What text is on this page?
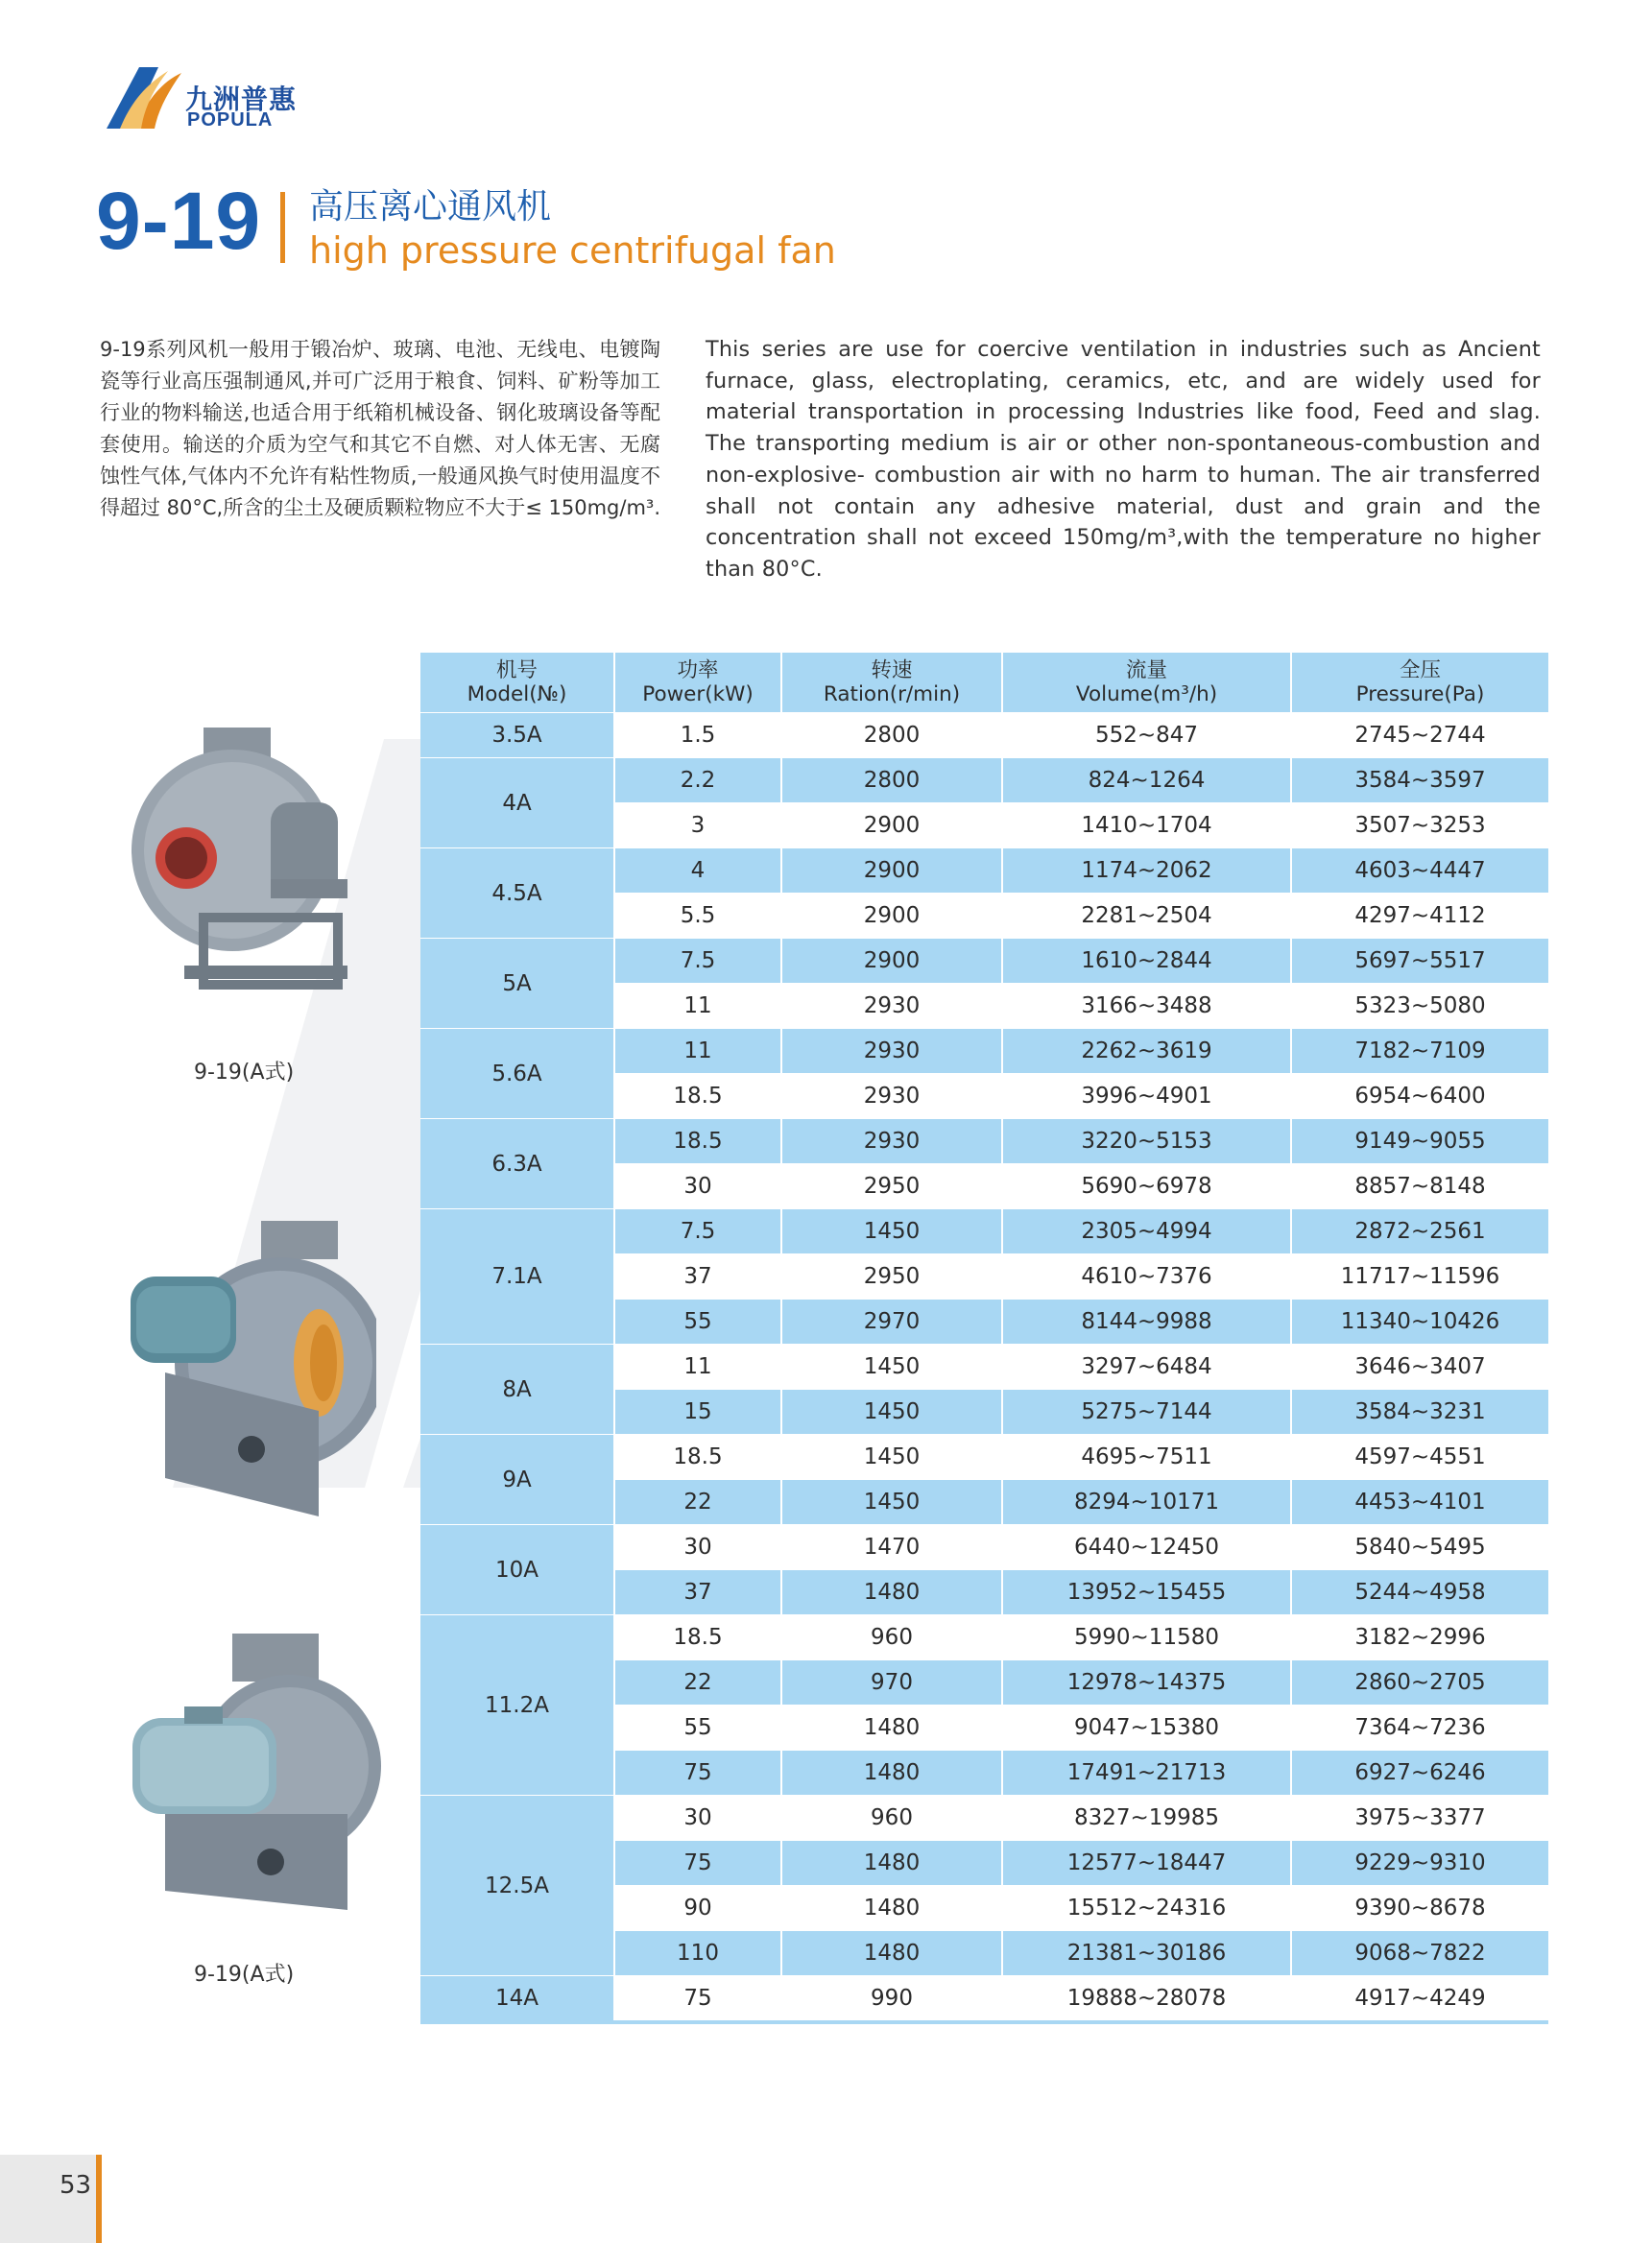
九洲普惠
POPULA
9-19 高压离心通风机
high pressure centrifugal fan
9-19系列风机一般用于锻冶炉、玻璃、电池、无线电、电镀陶瓷等行业高压强制通风,并可广泛用于粮食、饲料、矿粉等加工行业的物料输送,也适合用于纸箱机械设备、钢化玻璃设备等配套使用。输送的介质为空气和其它不自燃、对人体无害、无腐蚀性气体,气体内不允许有粘性物质,一般通风换气时使用温度不得超过 80°C,所含的尘土及硬质颗粒物应不大于≤ 150mg/m³.
This series are use for coercive ventilation in industries such as Ancient furnace, glass, electroplating, ceramics, etc, and are widely used for material transportation in processing Industries like food, Feed and slag. The transporting medium is air or other non-spontaneous-combustion and non-explosive- combustion air with no harm to human. The air transferred shall not contain any adhesive material, dust and grain and the concentration shall not exceed 150mg/m³,with the temperature no higher than 80°C.
9-19(A式)
9-19(A式)
机号
Model(№)	功率
Power(kW)	转速
Ration(r/min)	流量
Volume(m³/h)	全压
Pressure(Pa)
3.5A	1.5	2800	552~847	2745~2744
4A	2.2	2800	824~1264	3584~3597
	3	2900	1410~1704	3507~3253
4.5A	4	2900	1174~2062	4603~4447
	5.5	2900	2281~2504	4297~4112
5A	7.5	2900	1610~2844	5697~5517
	11	2930	3166~3488	5323~5080
5.6A	11	2930	2262~3619	7182~7109
	18.5	2930	3996~4901	6954~6400
6.3A	18.5	2930	3220~5153	9149~9055
	30	2950	5690~6978	8857~8148
7.1A	7.5	1450	2305~4994	2872~2561
	37	2950	4610~7376	11717~11596
	55	2970	8144~9988	11340~10426
8A	11	1450	3297~6484	3646~3407
	15	1450	5275~7144	3584~3231
9A	18.5	1450	4695~7511	4597~4551
	22	1450	8294~10171	4453~4101
10A	30	1470	6440~12450	5840~5495
	37	1480	13952~15455	5244~4958
11.2A	18.5	960	5990~11580	3182~2996
	22	970	12978~14375	2860~2705
	55	1480	9047~15380	7364~7236
	75	1480	17491~21713	6927~6246
12.5A	30	960	8327~19985	3975~3377
	75	1480	12577~18447	9229~9310
	90	1480	15512~24316	9390~8678
	110	1480	21381~30186	9068~7822
14A	75	990	19888~28078	4917~4249
53
